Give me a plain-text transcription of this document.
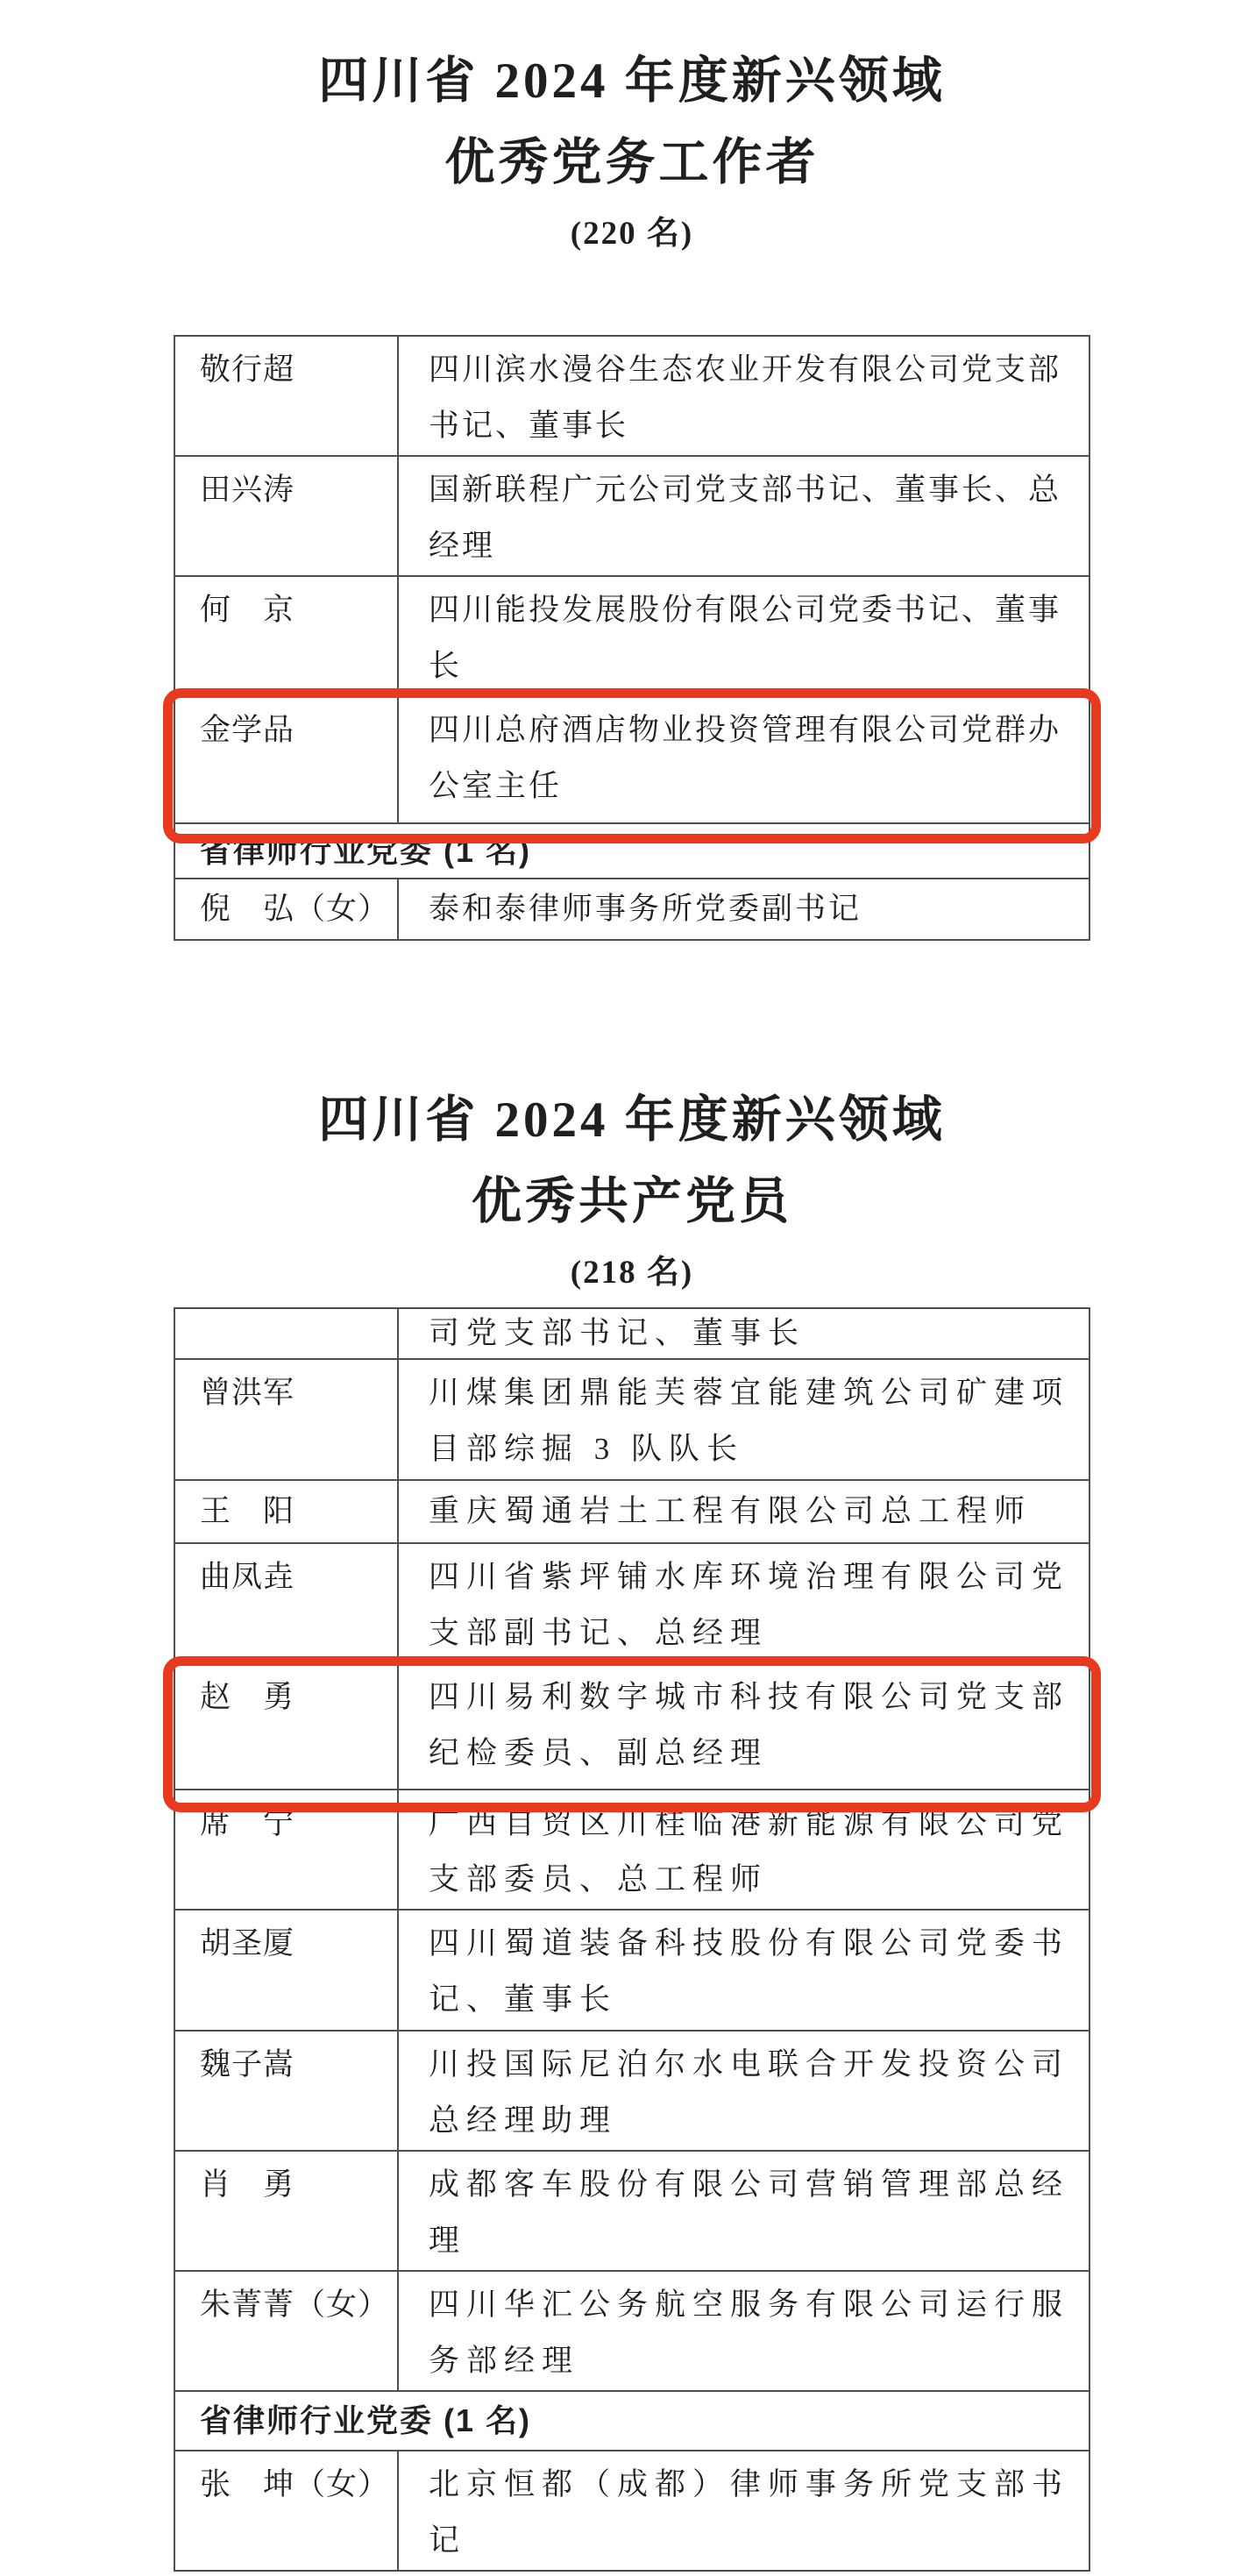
四川省 2024 年度新兴领域
优秀党务工作者
(220 名)
敬行超	四川滨水漫谷生态农业开发有限公司党支部书记、董事长
田兴涛	国新联程广元公司党支部书记、董事长、总经理
何　京	四川能投发展股份有限公司党委书记、董事长
金学品	四川总府酒店物业投资管理有限公司党群办公室主任
省律师行业党委 (1 名)	
倪　弘（女）	泰和泰律师事务所党委副书记
四川省 2024 年度新兴领域
优秀共产党员
(218 名)
	司党支部书记、董事长
曾洪军	川煤集团鼎能芙蓉宜能建筑公司矿建项目部综掘 3 队队长
王　阳	重庆蜀通岩土工程有限公司总工程师
曲凤垚	四川省紫坪铺水库环境治理有限公司党支部副书记、总经理
赵　勇	四川易利数字城市科技有限公司党支部纪检委员、副总经理
席　宁	广西自贸区川桂临港新能源有限公司党支部委员、总工程师
胡圣厦	四川蜀道装备科技股份有限公司党委书记、董事长
魏子嵩	川投国际尼泊尔水电联合开发投资公司总经理助理
肖　勇	成都客车股份有限公司营销管理部总经理
朱菁菁（女）	四川华汇公务航空服务有限公司运行服务部经理
省律师行业党委 (1 名)	
张　坤（女）	北京恒都（成都）律师事务所党支部书记
